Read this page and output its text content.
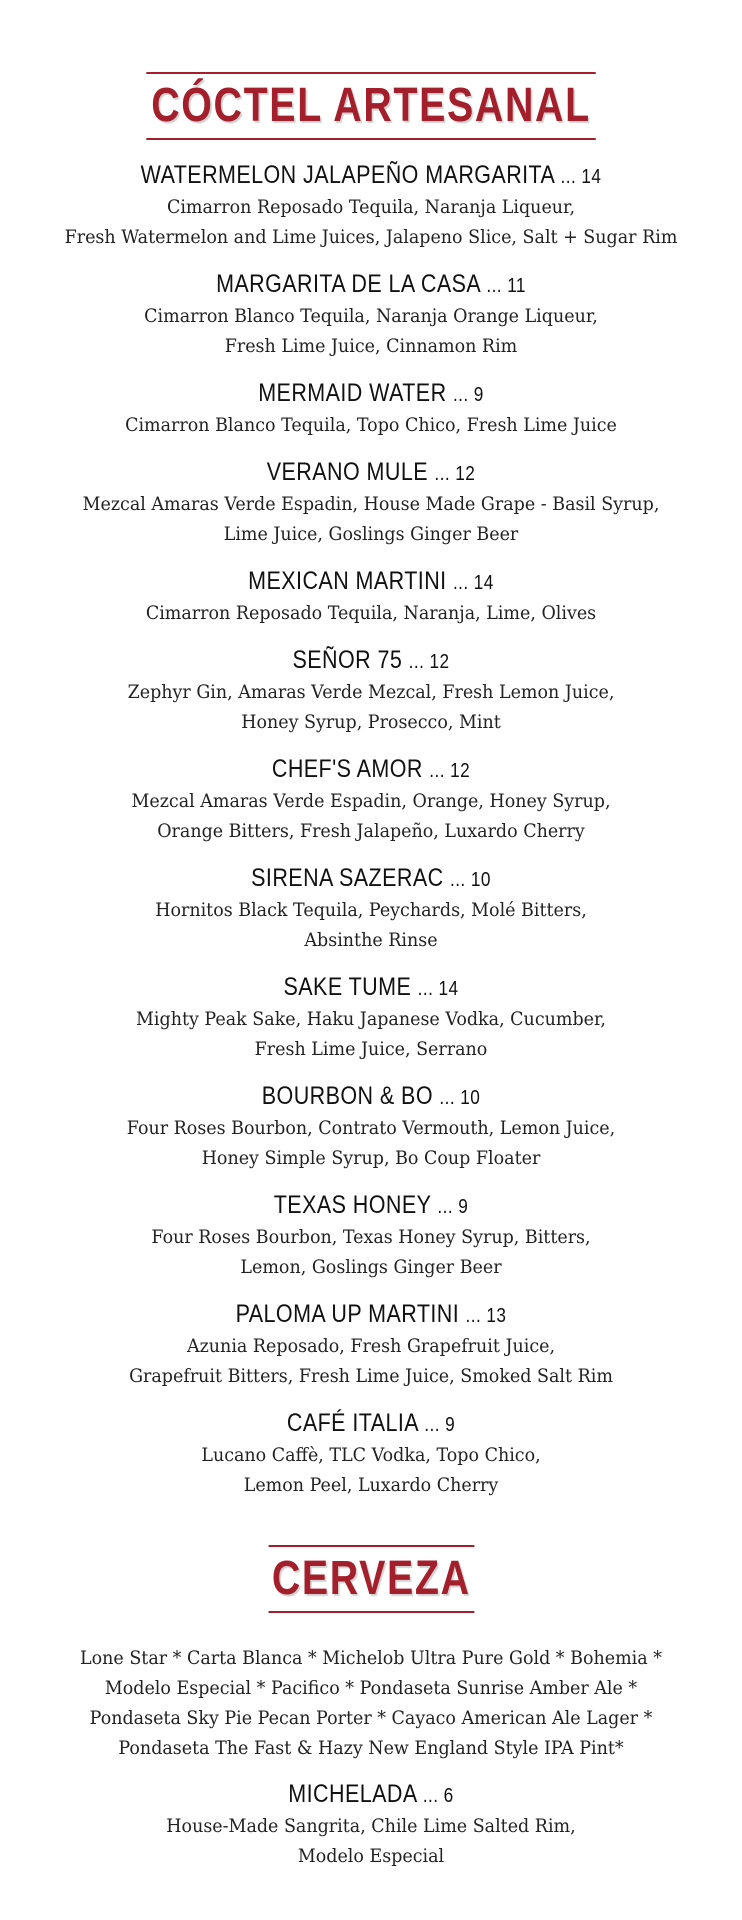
CÓCTEL ARTESANAL
WATERMELON JALAPEÑO MARGARITA ... 14
Cimarron Reposado Tequila, Naranja Liqueur,
Fresh Watermelon and Lime Juices, Jalapeno Slice, Salt + Sugar Rim
MARGARITA DE LA CASA ... 11
Cimarron Blanco Tequila, Naranja Orange Liqueur,
Fresh Lime Juice, Cinnamon Rim
MERMAID WATER ... 9
Cimarron Blanco Tequila, Topo Chico, Fresh Lime Juice
VERANO MULE ... 12
Mezcal Amaras Verde Espadin, House Made Grape - Basil Syrup,
Lime Juice, Goslings Ginger Beer
MEXICAN MARTINI ... 14
Cimarron Reposado Tequila, Naranja, Lime, Olives
SEÑOR 75 ... 12
Zephyr Gin, Amaras Verde Mezcal, Fresh Lemon Juice,
Honey Syrup, Prosecco, Mint
CHEF'S AMOR ... 12
Mezcal Amaras Verde Espadin, Orange, Honey Syrup,
Orange Bitters, Fresh Jalapeño, Luxardo Cherry
SIRENA SAZERAC ... 10
Hornitos Black Tequila, Peychards, Molé Bitters,
Absinthe Rinse
SAKE TUME ... 14
Mighty Peak Sake, Haku Japanese Vodka, Cucumber,
Fresh Lime Juice, Serrano
BOURBON & BO ... 10
Four Roses Bourbon, Contrato Vermouth, Lemon Juice,
Honey Simple Syrup, Bo Coup Floater
TEXAS HONEY ... 9
Four Roses Bourbon, Texas Honey Syrup, Bitters,
Lemon, Goslings Ginger Beer
PALOMA UP MARTINI ... 13
Azunia Reposado, Fresh Grapefruit Juice,
Grapefruit Bitters, Fresh Lime Juice, Smoked Salt Rim
CAFÉ ITALIA ... 9
Lucano Caffè, TLC Vodka, Topo Chico,
Lemon Peel, Luxardo Cherry
CERVEZA
Lone Star * Carta Blanca * Michelob Ultra Pure Gold * Bohemia *
Modelo Especial * Pacifico * Pondaseta Sunrise Amber Ale *
Pondaseta Sky Pie Pecan Porter * Cayaco American Ale Lager *
Pondaseta The Fast & Hazy New England Style IPA Pint*
MICHELADA ... 6
House-Made Sangrita, Chile Lime Salted Rim,
Modelo Especial
